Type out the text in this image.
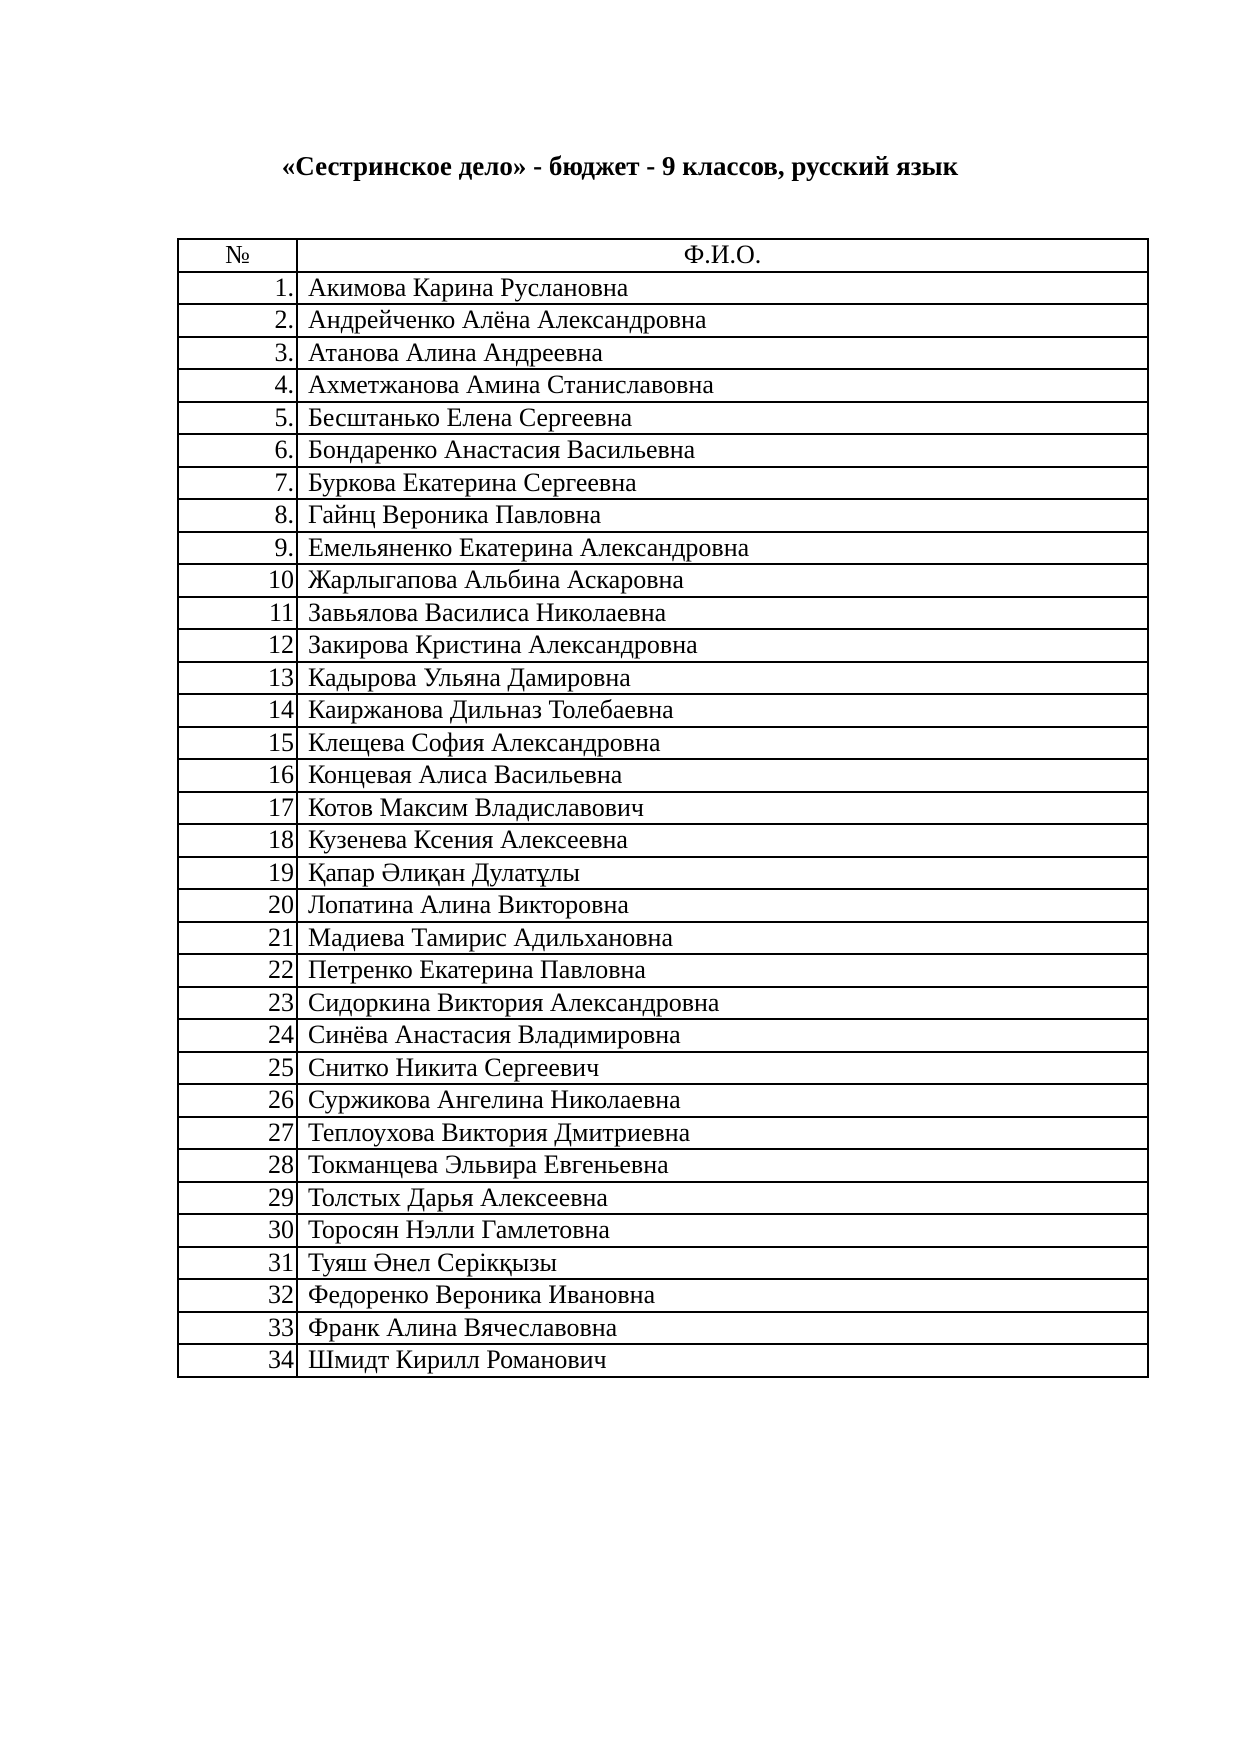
«Сестринское дело» - бюджет - 9 классов, русский язык
№	Ф.И.О.
1.	Акимова Карина Руслановна
2.	Андрейченко Алёна Александровна
3.	Атанова Алина Андреевна
4.	Ахметжанова Амина Станиславовна
5.	Бесштанько Елена Сергеевна
6.	Бондаренко Анастасия Васильевна
7.	Буркова Екатерина Сергеевна
8.	Гайнц Вероника Павловна
9.	Емельяненко Екатерина Александровна
10	Жарлыгапова Альбина Аскаровна
11	Завьялова Василиса Николаевна
12	Закирова Кристина Александровна
13	Кадырова Ульяна Дамировна
14	Каиржанова Дильназ Толебаевна
15	Клещева София Александровна
16	Концевая Алиса Васильевна
17	Котов Максим Владиславович
18	Кузенева Ксения Алексеевна
19	Қапар Әлиқан Дулатұлы
20	Лопатина Алина Викторовна
21	Мадиева Тамирис Адильхановна
22	Петренко Екатерина Павловна
23	Сидоркина Виктория Александровна
24	Синёва Анастасия Владимировна
25	Снитко Никита Сергеевич
26	Суржикова Ангелина Николаевна
27	Теплоухова Виктория Дмитриевна
28	Токманцева Эльвира Евгеньевна
29	Толстых Дарья Алексеевна
30	Торосян Нэлли Гамлетовна
31	Туяш Әнел Серікқызы
32	Федоренко Вероника Ивановна
33	Франк Алина Вячеславовна
34	Шмидт Кирилл Романович
